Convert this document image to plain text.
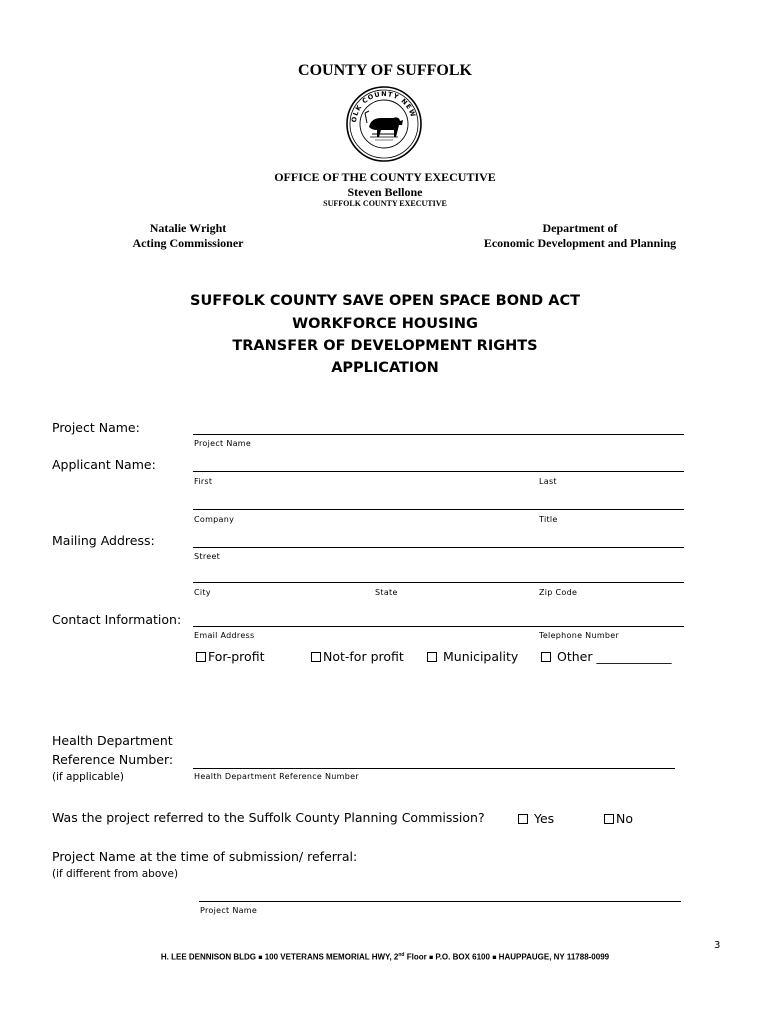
COUNTY OF SUFFOLK
OLK COUNTY NEW
OFFICE OF THE COUNTY EXECUTIVE
Steven Bellone
SUFFOLK COUNTY EXECUTIVE
Natalie Wright
Acting Commissioner
Department of
Economic Development and Planning
SUFFOLK COUNTY SAVE OPEN SPACE BOND ACT
WORKFORCE HOUSING
TRANSFER OF DEVELOPMENT RIGHTS
APPLICATION
Project Name:
Project Name
Applicant Name:
First	Last
Company	Title
Mailing Address:
Street
City	State	Zip Code
Contact Information:
Email Address	Telephone Number
For-profit	Not-for profit	Municipality	Other ____________
Health Department
Reference Number:
(if applicable)	Health Department Reference Number
Was the project referred to the Suffolk County Planning Commission?	Yes	No
Project Name at the time of submission/ referral:
(if different from above)
Project Name
3
H. LEE DENNISON BLDG ■ 100 VETERANS MEMORIAL HWY, 2nd Floor ■ P.O. BOX 6100 ■ HAUPPAUGE, NY 11788-0099
